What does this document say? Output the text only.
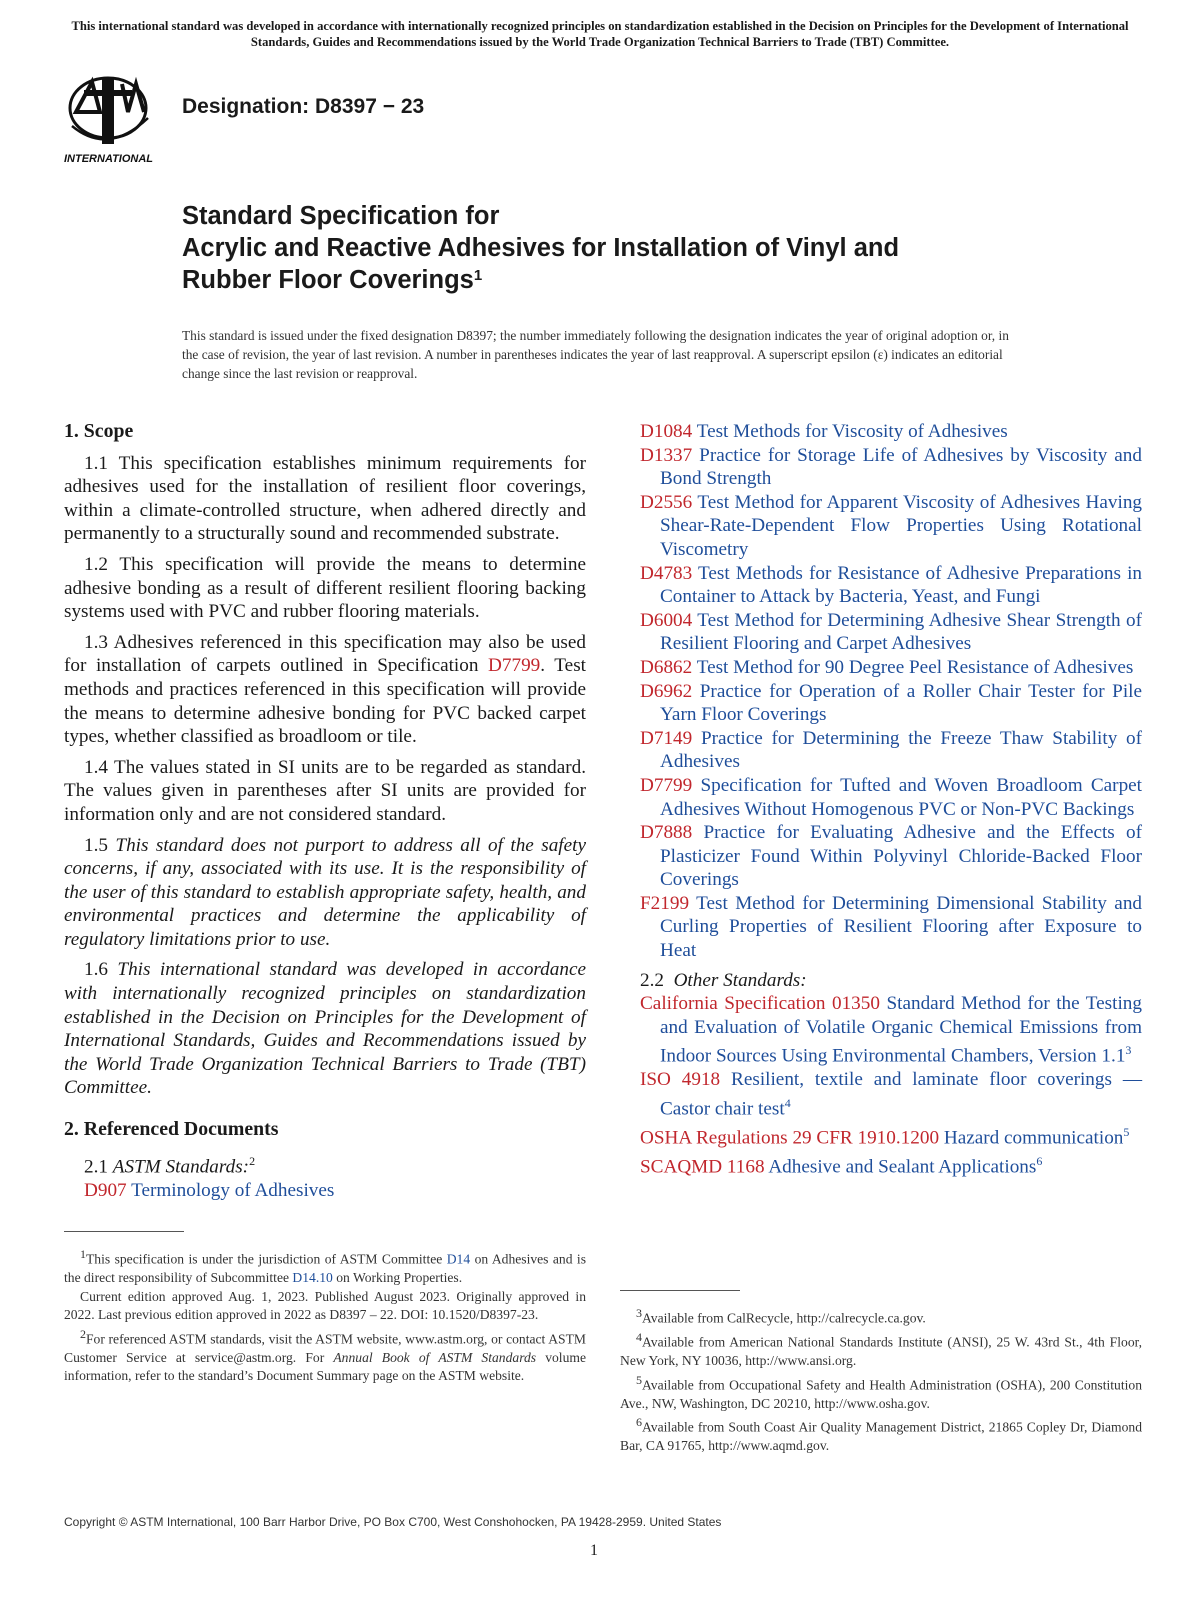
This international standard was developed in accordance with internationally recognized principles on standardization established in the Decision on Principles for the Development of International Standards, Guides and Recommendations issued by the World Trade Organization Technical Barriers to Trade (TBT) Committee.
INTERNATIONAL
Designation: D8397 − 23
Standard Specification for
Acrylic and Reactive Adhesives for Installation of Vinyl and
Rubber Floor Coverings$^1$
This standard is issued under the fixed designation D8397; the number immediately following the designation indicates the year of original adoption or, in the case of revision, the year of last revision. A number in parentheses indicates the year of last reapproval. A superscript epsilon (ε) indicates an editorial change since the last revision or reapproval.
1. Scope

1.1 This specification establishes minimum requirements for adhesives used for the installation of resilient floor coverings, within a climate-controlled structure, when adhered directly and permanently to a structurally sound and recommended substrate.

1.2 This specification will provide the means to determine adhesive bonding as a result of different resilient flooring backing systems used with PVC and rubber flooring materials.

1.3 Adhesives referenced in this specification may also be used for installation of carpets outlined in Specification D7799. Test methods and practices referenced in this specification will provide the means to determine adhesive bonding for PVC backed carpet types, whether classified as broadloom or tile.

1.4 The values stated in SI units are to be regarded as standard. The values given in parentheses after SI units are provided for information only and are not considered standard.

1.5 This standard does not purport to address all of the safety concerns, if any, associated with its use. It is the responsibility of the user of this standard to establish appropriate safety, health, and environmental practices and determine the applicability of regulatory limitations prior to use.

1.6 This international standard was developed in accordance with internationally recognized principles on standardization established in the Decision on Principles for the Development of International Standards, Guides and Recommendations issued by the World Trade Organization Technical Barriers to Trade (TBT) Committee.

2. Referenced Documents
2.1 ASTM Standards:$^2$
D907 Terminology of Adhesives

D1084 Test Methods for Viscosity of Adhesives

D1337 Practice for Storage Life of Adhesives by Viscosity and Bond Strength

D2556 Test Method for Apparent Viscosity of Adhesives Having Shear-Rate-Dependent Flow Properties Using Rotational Viscometry

D4783 Test Methods for Resistance of Adhesive Preparations in Container to Attack by Bacteria, Yeast, and Fungi

D6004 Test Method for Determining Adhesive Shear Strength of Resilient Flooring and Carpet Adhesives

D6862 Test Method for 90 Degree Peel Resistance of Adhesives

D6962 Practice for Operation of a Roller Chair Tester for Pile Yarn Floor Coverings

D7149 Practice for Determining the Freeze Thaw Stability of Adhesives

D7799 Specification for Tufted and Woven Broadloom Carpet Adhesives Without Homogenous PVC or Non-PVC Backings

D7888 Practice for Evaluating Adhesive and the Effects of Plasticizer Found Within Polyvinyl Chloride-Backed Floor Coverings

F2199 Test Method for Determining Dimensional Stability and Curling Properties of Resilient Flooring after Exposure to Heat

2.2 Other Standards:

California Specification 01350 Standard Method for the Testing and Evaluation of Volatile Organic Chemical Emissions from Indoor Sources Using Environmental Chambers, Version $1.1^3$

ISO 4918 Resilient, textile and laminate floor coverings — Castor chair test$^4$

OSHA Regulations 29 CFR 1910.1200 Hazard communication$^5$

SCAQMD 1168 Adhesive and Sealant Applications$^6$

$^1$This specification is under the jurisdiction of ASTM Committee D14 on Adhesives and is the direct responsibility of Subcommittee D14.10 on Working Properties.

Current edition approved Aug. 1, 2023. Published August 2023. Originally approved in 2022. Last previous edition approved in 2022 as D8397 – 22. DOI: 10.1520/D8397-23.

$^2$For referenced ASTM standards, visit the ASTM website, www.astm.org, or contact ASTM Customer Service at service@astm.org. For Annual Book of ASTM Standards volume information, refer to the standard’s Document Summary page on the ASTM website.

$^3$Available from CalRecycle, http://calrecycle.ca.gov.

$^4$Available from American National Standards Institute (ANSI), 25 W. 43rd St., 4th Floor, New York, NY 10036, http://www.ansi.org.

$^5$Available from Occupational Safety and Health Administration (OSHA), 200 Constitution Ave., NW, Washington, DC 20210, http://www.osha.gov.

$^6$Available from South Coast Air Quality Management District, 21865 Copley Dr, Diamond Bar, CA 91765, http://www.aqmd.gov.

Copyright © ASTM International, 100 Barr Harbor Drive, PO Box C700, West Conshohocken, PA 19428-2959. United States
1
